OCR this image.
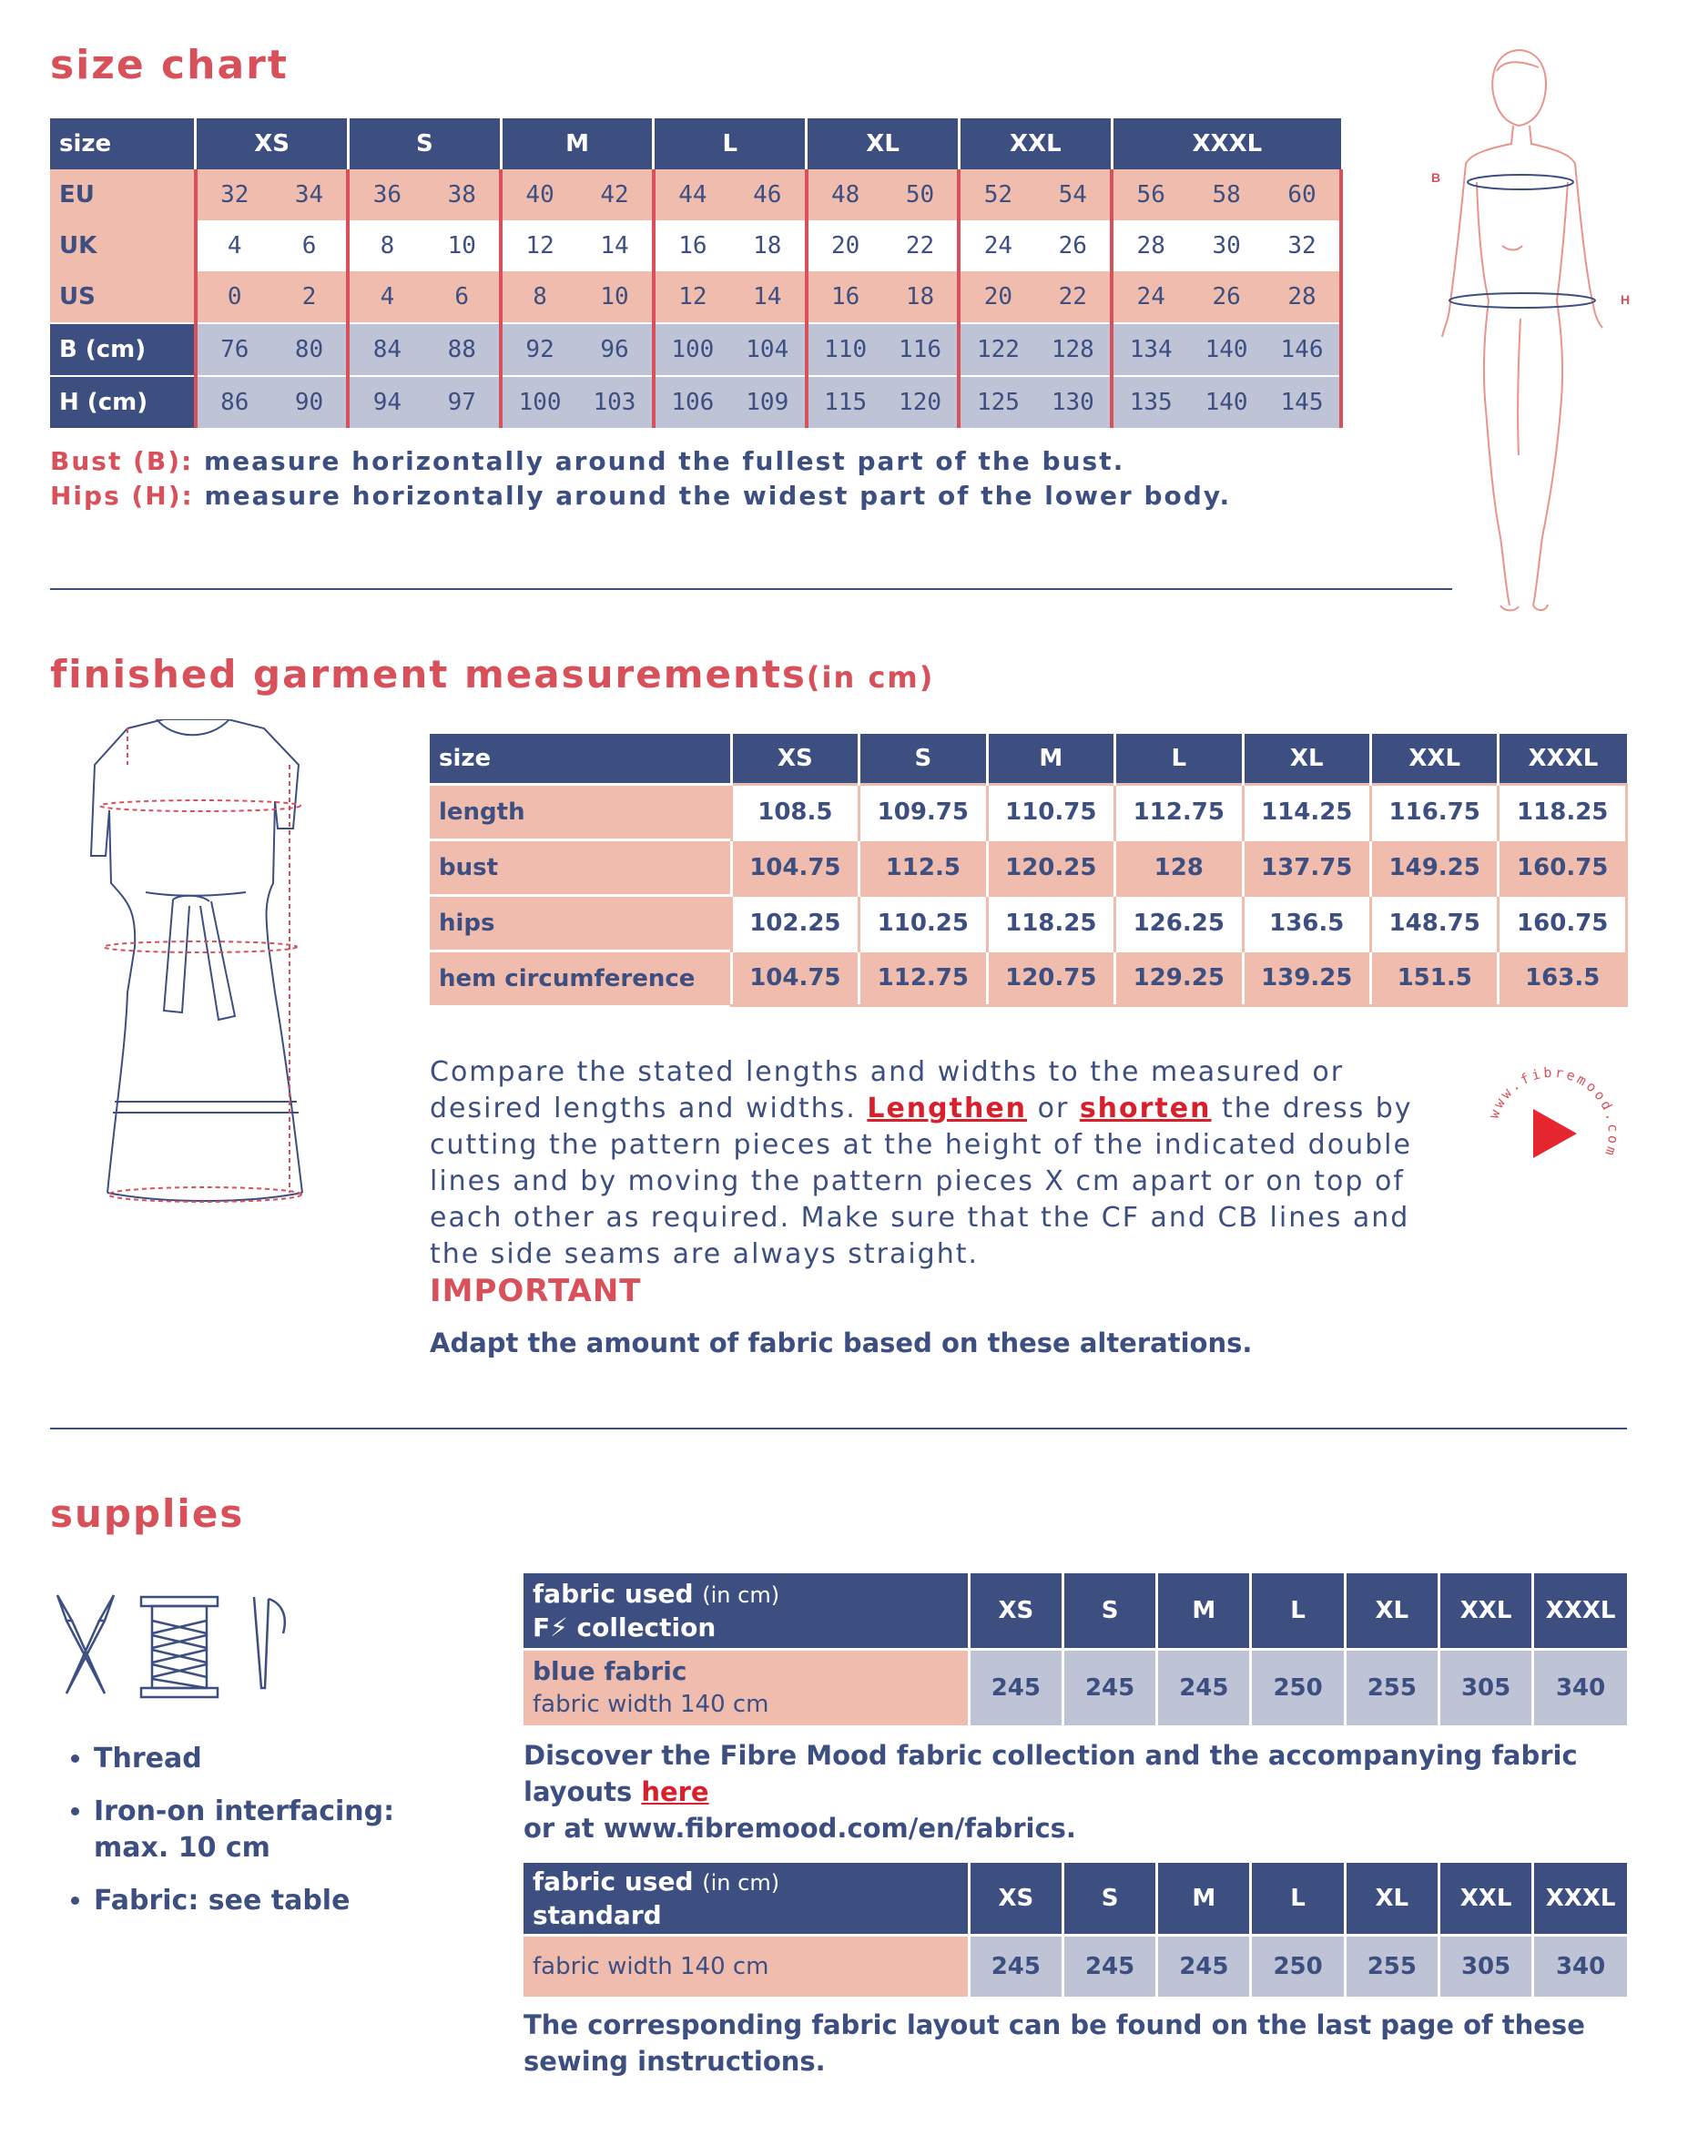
size chart
size	XS		S		M		L		XL		XXL		XXXL		
EU	32	34	36	38	40	42	44	46	48	50	52	54	56	58	60
UK	4	6	8	10	12	14	16	18	20	22	24	26	28	30	32
US	0	2	4	6	8	10	12	14	16	18	20	22	24	26	28
B (cm)	76	80	84	88	92	96	100	104	110	116	122	128	134	140	146
H (cm)	86	90	94	97	100	103	106	109	115	120	125	130	135	140	145
Bust (B): measure horizontally around the fullest part of the bust.
Hips (H): measure horizontally around the widest part of the lower body.
B
H
finished garment measurements(in cm)
size	XS	S	M	L	XL	XXL	XXXL
length	108.5	109.75	110.75	112.75	114.25	116.75	118.25
bust	104.75	112.5	120.25	128	137.75	149.25	160.75
hips	102.25	110.25	118.25	126.25	136.5	148.75	160.75
hem circumference	104.75	112.75	120.75	129.25	139.25	151.5	163.5
Compare the stated lengths and widths to the measured or desired lengths and widths. Lengthen or shorten the dress by cutting the pattern pieces at the height of the indicated double lines and by moving the pattern pieces X cm apart or on top of each other as required. Make sure that the CF and CB lines and the side seams are always straight.
www.fibremood.com
IMPORTANT
Adapt the amount of fabric based on these alterations.
supplies
• Thread
• Iron-on interfacing: max. 10 cm
• Fabric: see table
fabric used (in cm)
F⚡ collection	XS	S	M	L	XL	XXL	XXXL

blue fabric
fabric width 140 cm	245	245	245	250	255	305	340
Discover the Fibre Mood fabric collection and the accompanying fabric layouts here
or at www.fibremood.com/en/fabrics.
fabric used (in cm)
standard	XS	S	M	L	XL	XXL	XXXL
fabric width 140 cm	245	245	245	250	255	305	340
The corresponding fabric layout can be found on the last page of these sewing instructions.
